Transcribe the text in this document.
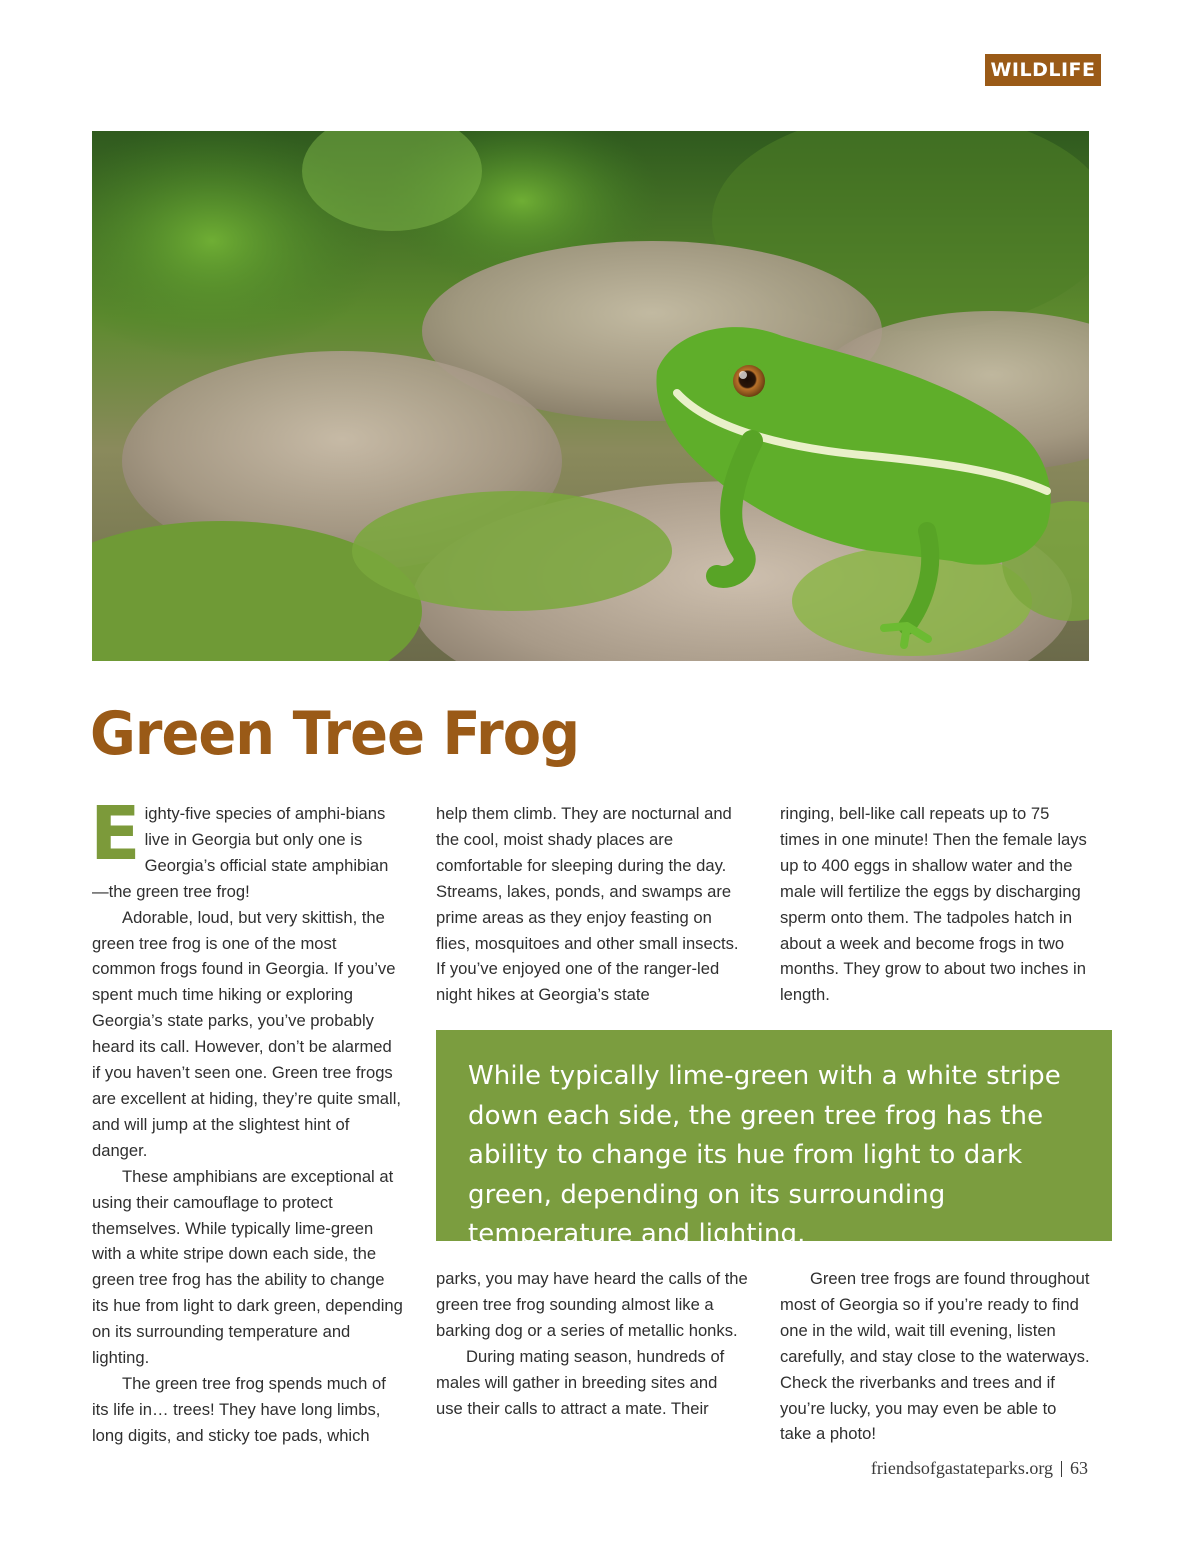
WILDLIFE
Green Tree Frog

Eighty-five species of amphi-bians live in Georgia but only one is Georgia’s official state amphibian—the green tree frog!

Adorable, loud, but very skittish, the green tree frog is one of the most common frogs found in Georgia. If you’ve spent much time hiking or exploring Georgia’s state parks, you’ve probably heard its call. However, don’t be alarmed if you haven’t seen one. Green tree frogs are excellent at hiding, they’re quite small, and will jump at the slightest hint of danger.

These amphibians are exceptional at using their camouflage to protect themselves. While typically lime-green with a white stripe down each side, the green tree frog has the ability to change its hue from light to dark green, depending on its surrounding temperature and lighting.

The green tree frog spends much of its life in… trees! They have long limbs, long digits, and sticky toe pads, which

help them climb. They are nocturnal and the cool, moist shady places are comfortable for sleeping during the day. Streams, lakes, ponds, and swamps are prime areas as they enjoy feasting on flies, mosquitoes and other small insects. If you’ve enjoyed one of the ranger-led night hikes at Georgia’s state

ringing, bell-like call repeats up to 75 times in one minute! Then the female lays up to 400 eggs in shallow water and the male will fertilize the eggs by discharging sperm onto them. The tadpoles hatch in about a week and become frogs in two months. They grow to about two inches in length.

While typically lime-green with a white stripe down each side, the green tree frog has the ability to change its hue from light to dark green, depending on its surrounding temperature and lighting.

parks, you may have heard the calls of the green tree frog sounding almost like a barking dog or a series of metallic honks.

During mating season, hundreds of males will gather in breeding sites and use their calls to attract a mate. Their

Green tree frogs are found throughout most of Georgia so if you’re ready to find one in the wild, wait till evening, listen carefully, and stay close to the waterways. Check the riverbanks and trees and if you’re lucky, you may even be able to take a photo!

friendsofgastateparks.org 63
